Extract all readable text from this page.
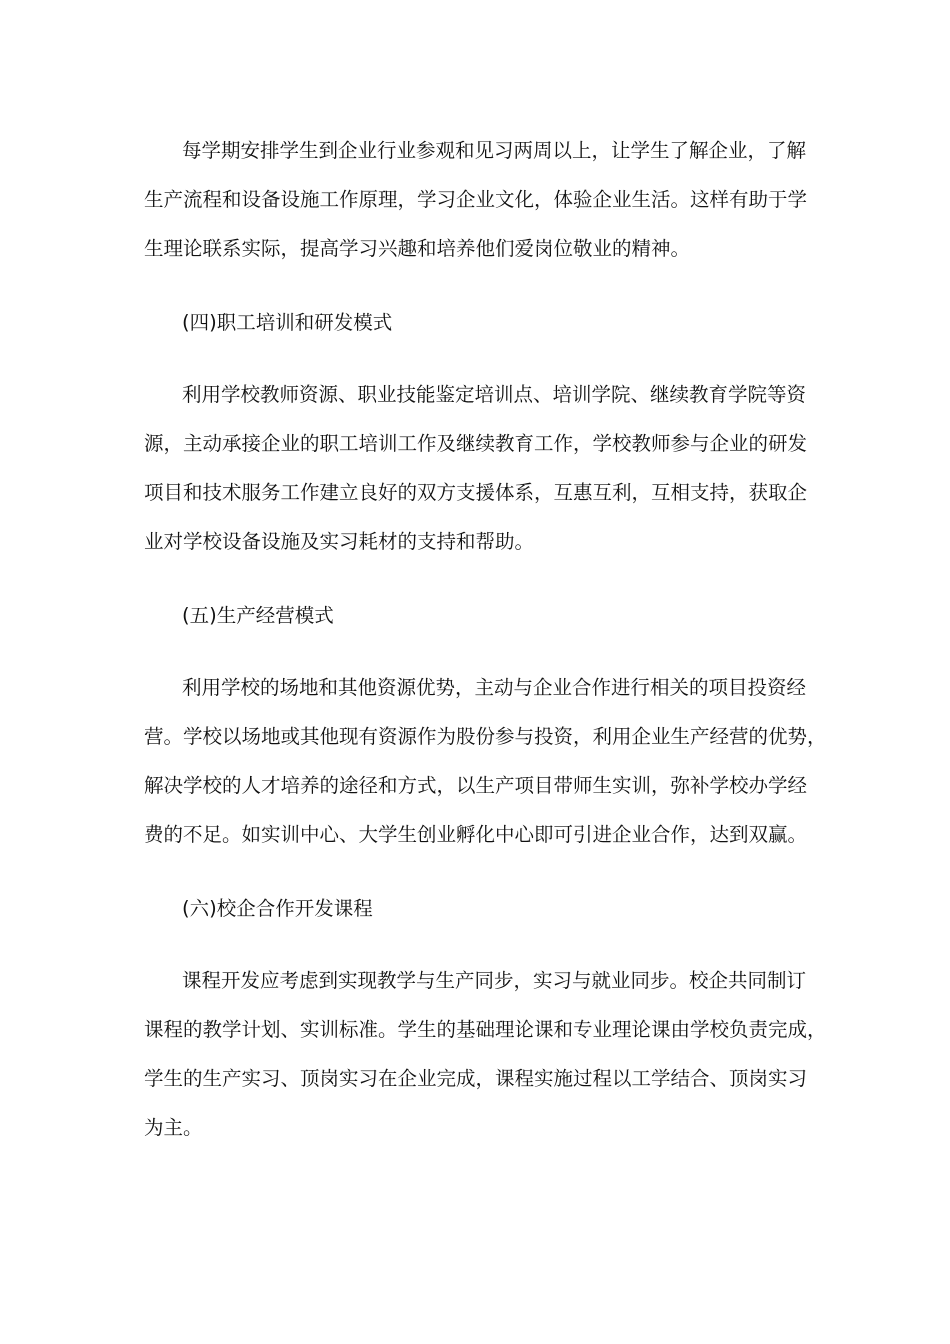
每学期安排学生到企业行业参观和见习两周以上，让学生了解企业，了解
生产流程和设备设施工作原理，学习企业文化，体验企业生活。这样有助于学
生理论联系实际，提高学习兴趣和培养他们爱岗位敬业的精神。
(四)职工培训和研发模式
利用学校教师资源、职业技能鉴定培训点、培训学院、继续教育学院等资
源，主动承接企业的职工培训工作及继续教育工作，学校教师参与企业的研发
项目和技术服务工作建立良好的双方支援体系，互惠互利，互相支持，获取企
业对学校设备设施及实习耗材的支持和帮助。
(五)生产经营模式
利用学校的场地和其他资源优势，主动与企业合作进行相关的项目投资经
营。学校以场地或其他现有资源作为股份参与投资，利用企业生产经营的优势，
解决学校的人才培养的途径和方式，以生产项目带师生实训，弥补学校办学经
费的不足。如实训中心、大学生创业孵化中心即可引进企业合作，达到双赢。
(六)校企合作开发课程
课程开发应考虑到实现教学与生产同步，实习与就业同步。校企共同制订
课程的教学计划、实训标准。学生的基础理论课和专业理论课由学校负责完成，
学生的生产实习、顶岗实习在企业完成，课程实施过程以工学结合、顶岗实习
为主。
